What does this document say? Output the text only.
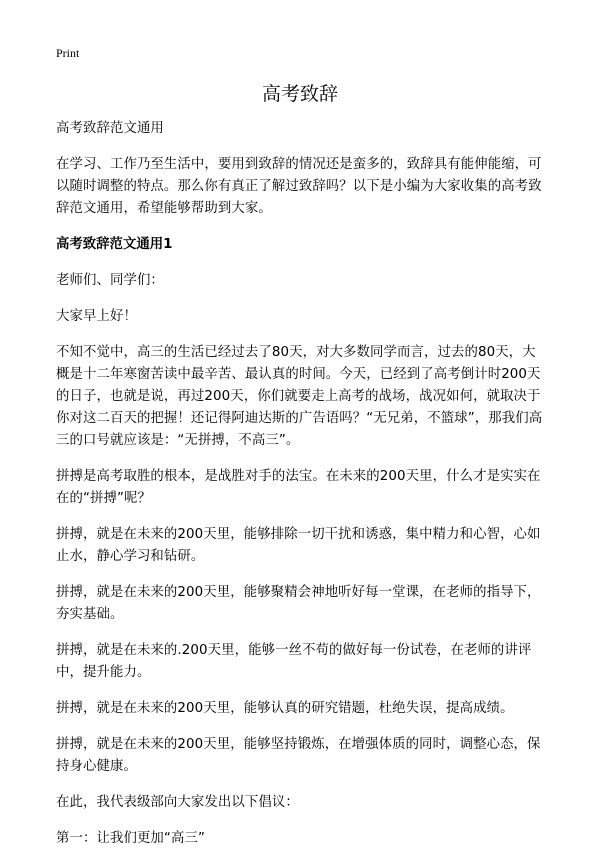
Print
高考致辞

高考致辞范文通用

在学习、工作乃至生活中，要用到致辞的情况还是蛮多的，致辞具有能伸能缩，可以随时调整的特点。那么你有真正了解过致辞吗？以下是小编为大家收集的高考致辞范文通用，希望能够帮助到大家。

高考致辞范文通用1

老师们、同学们：

大家早上好！

不知不觉中，高三的生活已经过去了80天，对大多数同学而言，过去的80天，大概是十二年寒窗苦读中最辛苦、最认真的时间。今天，已经到了高考倒计时200天的日子，也就是说，再过200天，你们就要走上高考的战场，战况如何，就取决于你对这二百天的把握！还记得阿迪达斯的广告语吗？“无兄弟，不篮球”，那我们高三的口号就应该是：“无拼搏，不高三”。

拼搏是高考取胜的根本，是战胜对手的法宝。在未来的200天里，什么才是实实在在的“拼搏”呢？

拼搏，就是在未来的200天里，能够排除一切干扰和诱惑，集中精力和心智，心如止水，静心学习和钻研。

拼搏，就是在未来的200天里，能够聚精会神地听好每一堂课，在老师的指导下，夯实基础。

拼搏，就是在未来的.200天里，能够一丝不苟的做好每一份试卷，在老师的讲评中，提升能力。

拼搏，就是在未来的200天里，能够认真的研究错题，杜绝失误，提高成绩。

拼搏，就是在未来的200天里，能够坚持锻炼，在增强体质的同时，调整心态，保持身心健康。

在此，我代表级部向大家发出以下倡议：

第一：让我们更加“高三”
